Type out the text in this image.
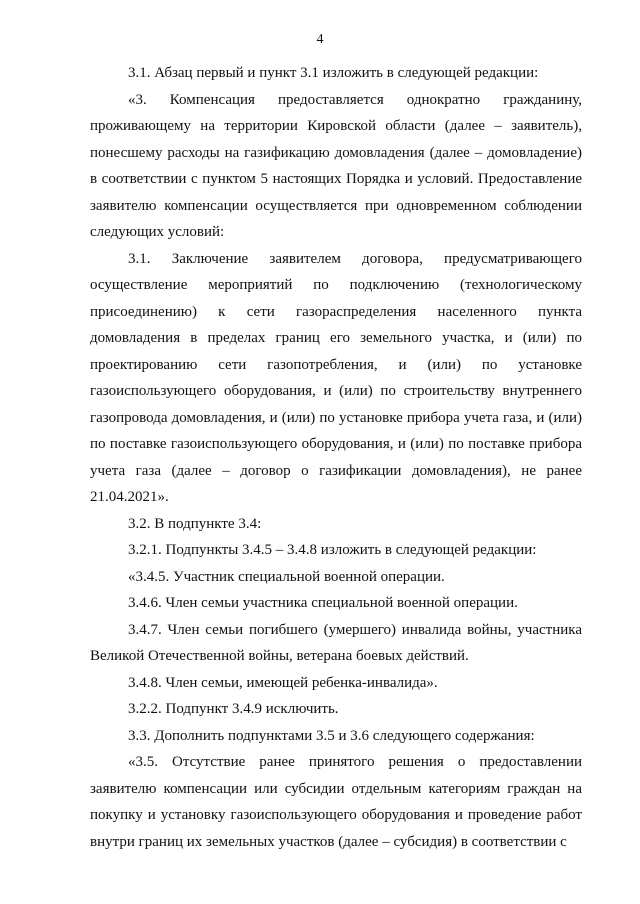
4

3.1. Абзац первый и пункт 3.1 изложить в следующей редакции:

«3. Компенсация предоставляется однократно гражданину, проживающему на территории Кировской области (далее – заявитель), понесшему расходы на газификацию домовладения (далее – домовладение) в соответствии с пунктом 5 настоящих Порядка и условий. Предоставление заявителю компенсации осуществляется при одновременном соблюдении следующих условий:

3.1. Заключение заявителем договора, предусматривающего осуществление мероприятий по подключению (технологическому присоединению) к сети газораспределения населенного пункта домовладения в пределах границ его земельного участка, и (или) по проектированию сети газопотребления, и (или) по установке газоиспользующего оборудования, и (или) по строительству внутреннего газопровода домовладения, и (или) по установке прибора учета газа, и (или) по поставке газоиспользующего оборудования, и (или) по поставке прибора учета газа (далее – договор о газификации домовладения), не ранее 21.04.2021».

3.2. В подпункте 3.4:

3.2.1. Подпункты 3.4.5 – 3.4.8 изложить в следующей редакции:

«3.4.5. Участник специальной военной операции.

3.4.6. Член семьи участника специальной военной операции.

3.4.7. Член семьи погибшего (умершего) инвалида войны, участника Великой Отечественной войны, ветерана боевых действий.

3.4.8. Член семьи, имеющей ребенка-инвалида».

3.2.2. Подпункт 3.4.9 исключить.

3.3. Дополнить подпунктами 3.5 и 3.6 следующего содержания:

«3.5. Отсутствие ранее принятого решения о предоставлении заявителю компенсации или субсидии отдельным категориям граждан на покупку и установку газоиспользующего оборудования и проведение работ внутри границ их земельных участков (далее – субсидия) в соответствии с
